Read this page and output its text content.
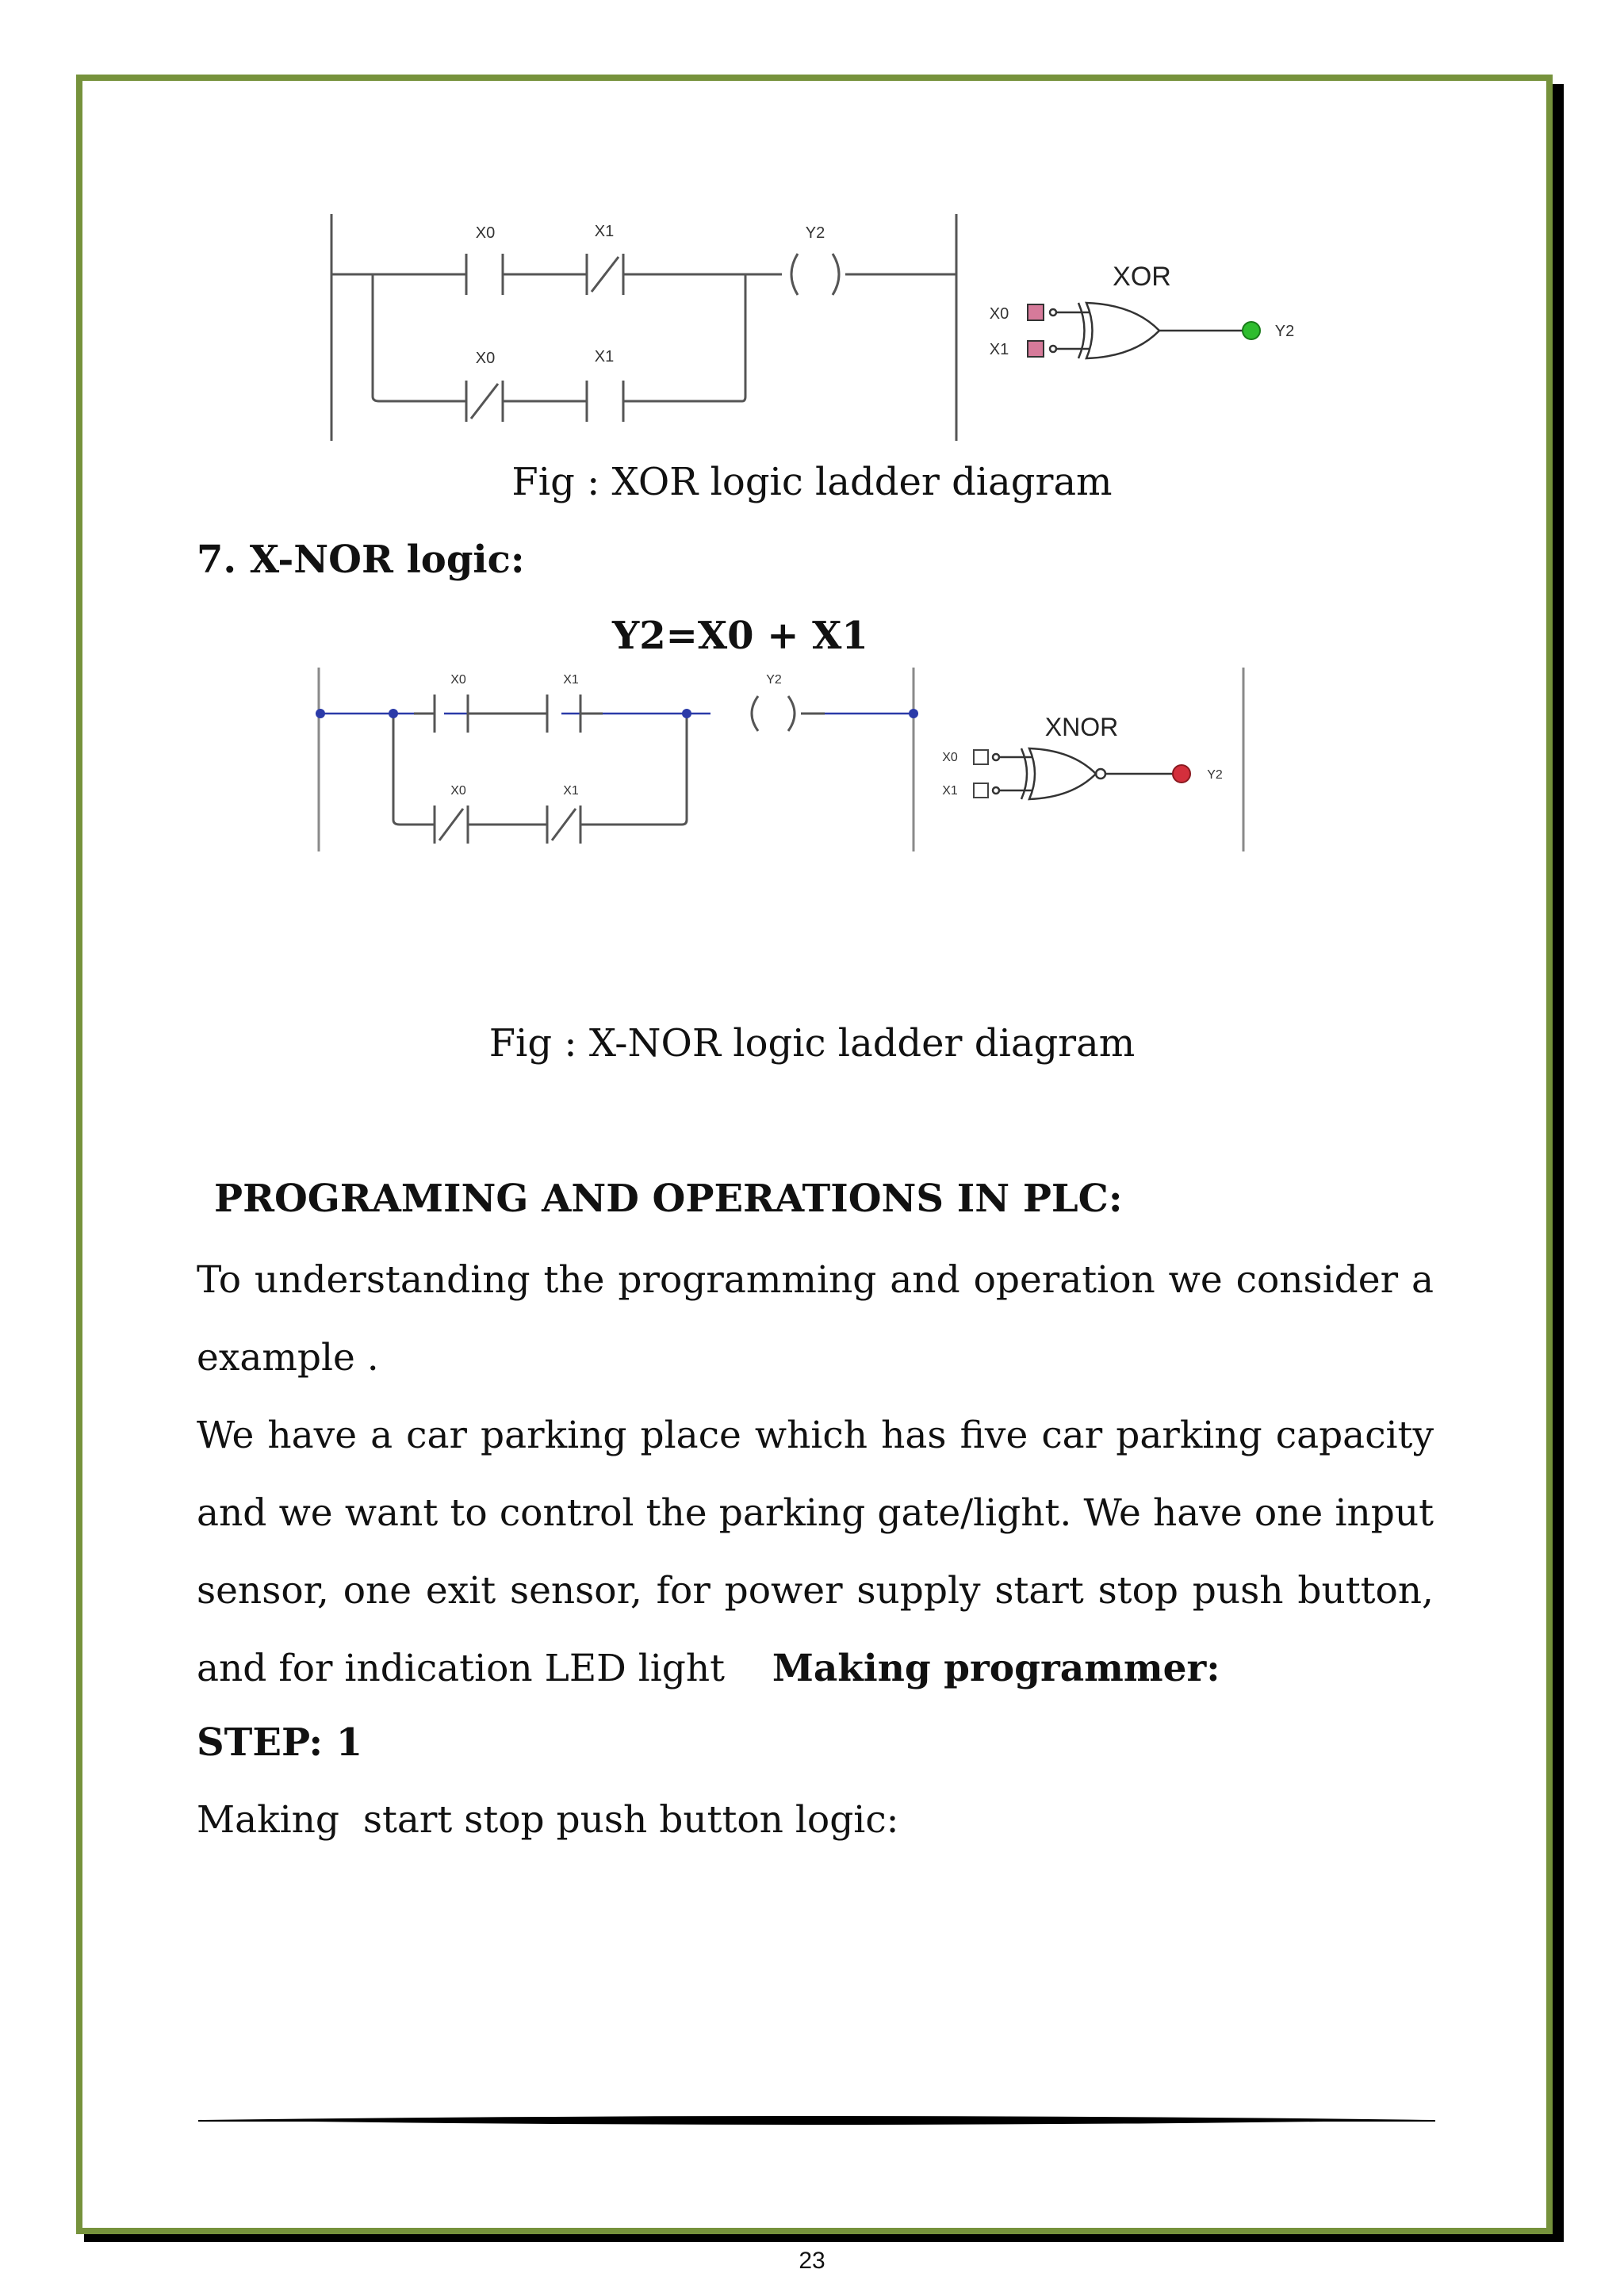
X0	X1
X0	X1
Y2
XOR
X0
X1
Y2
Fig : XOR logic ladder diagram
7. X-NOR logic:
Y2=X0 + X1
X0	X1
X0	X1
Y2
XNOR
X0
X1
Y2
Fig : X-NOR logic ladder diagram
PROGRAMING AND OPERATIONS IN PLC:

To understanding the programming and operation we consider a example .

We have a car parking place which has five car parking capacity and we want to control the parking gate/light. We have one input sensor, one exit sensor, for power supply start stop push button, and for indication LED light Making programmer:

STEP: 1
Making  start stop push button logic:
23
